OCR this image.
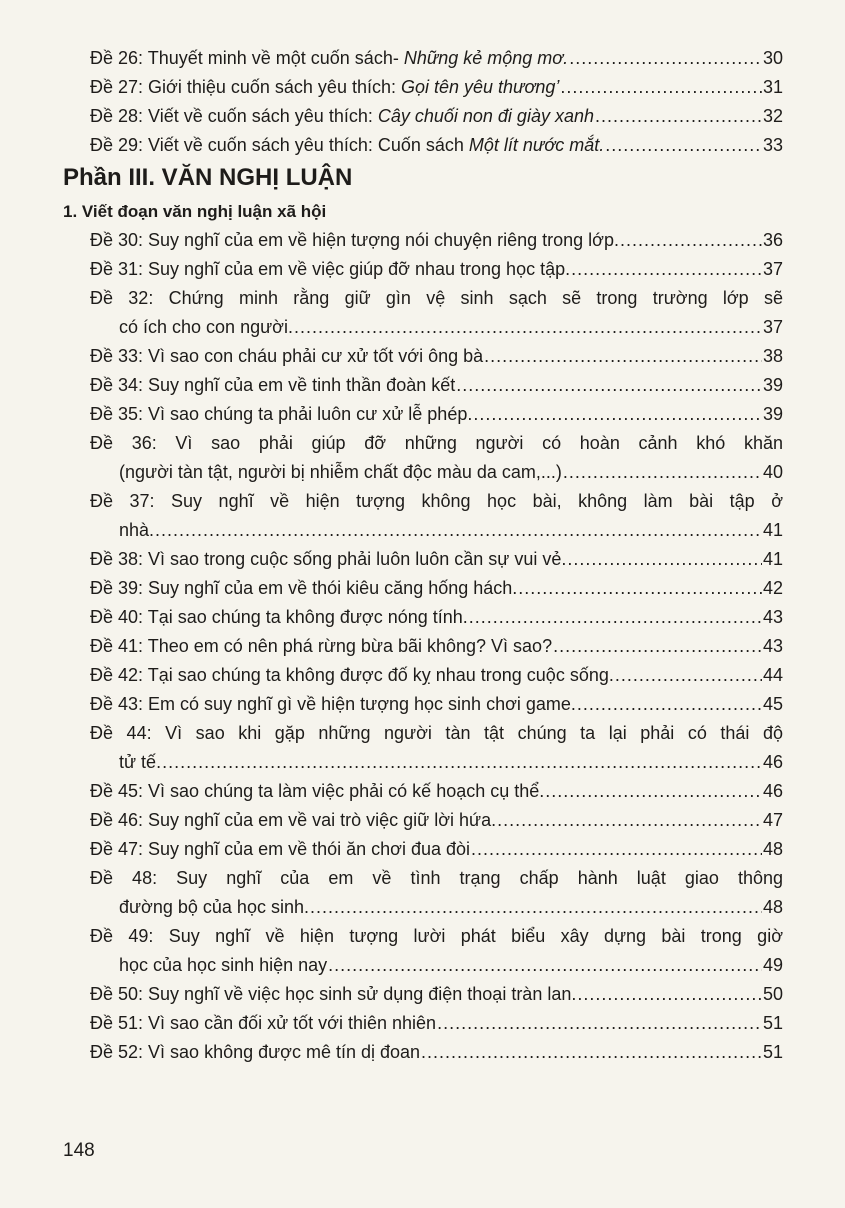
Đề 26: Thuyết minh về một cuốn sách- Những kẻ mộng mơ. .....	30
Đề 27: Giới thiệu cuốn sách yêu thích: Gọi tên yêu thương’ .....	31
Đề 28: Viết về cuốn sách yêu thích: Cây chuối non đi giày xanh .....	32
Đề 29: Viết về cuốn sách yêu thích: Cuốn sách Một lít nước mắt. .....	33
Phần III. VĂN NGHỊ LUẬN
1. Viết đoạn văn nghị luận xã hội
Đề 30: Suy nghĩ của em về hiện tượng nói chuyện riêng trong lớp. .....	36
Đề 31: Suy nghĩ của em về việc giúp đỡ nhau trong học tập. .....	37
Đề 32: Chứng minh rằng giữ gìn vệ sinh sạch sẽ trong trường lớp sẽ
có ích cho con người. .....	37
Đề 33: Vì sao con cháu phải cư xử tốt với ông bà .....	38
Đề 34: Suy nghĩ của em về tinh thần đoàn kết .....	39
Đề 35: Vì sao chúng ta phải luôn cư xử lễ phép. .....	39
Đề 36: Vì sao phải giúp đỡ những người có hoàn cảnh khó khăn
(người tàn tật, người bị nhiễm chất độc màu da cam,...) .....	40
Đề 37: Suy nghĩ về hiện tượng không học bài, không làm bài tập ở
nhà. .....	41
Đề 38: Vì sao trong cuộc sống phải luôn luôn cần sự vui vẻ. .....	41
Đề 39: Suy nghĩ của em về thói kiêu căng hống hách. .....	42
Đề 40: Tại sao chúng ta không được nóng tính. .....	43
Đề 41: Theo em có nên phá rừng bừa bãi không? Vì sao? .....	43
Đề 42: Tại sao chúng ta không được đố kỵ nhau trong cuộc sống. .....	44
Đề 43: Em có suy nghĩ gì về hiện tượng học sinh chơi game. .....	45
Đề 44: Vì sao khi gặp những người tàn tật chúng ta lại phải có thái độ
tử tế. .....	46
Đề 45: Vì sao chúng ta làm việc phải có kế hoạch cụ thể. .....	46
Đề 46: Suy nghĩ của em về vai trò việc giữ lời hứa. .....	47
Đề 47: Suy nghĩ của em về thói ăn chơi đua đòi .....	48
Đề 48: Suy nghĩ của em về tình trạng chấp hành luật giao thông
đường bộ của học sinh. .....	48
Đề 49: Suy nghĩ về hiện tượng lười phát biểu xây dựng bài trong giờ
học của học sinh hiện nay .....	49
Đề 50: Suy nghĩ về việc học sinh sử dụng điện thoại tràn lan. .....	50
Đề 51: Vì sao cần đối xử tốt với thiên nhiên .....	51
Đề 52: Vì sao không được mê tín dị đoan .....	51
148
